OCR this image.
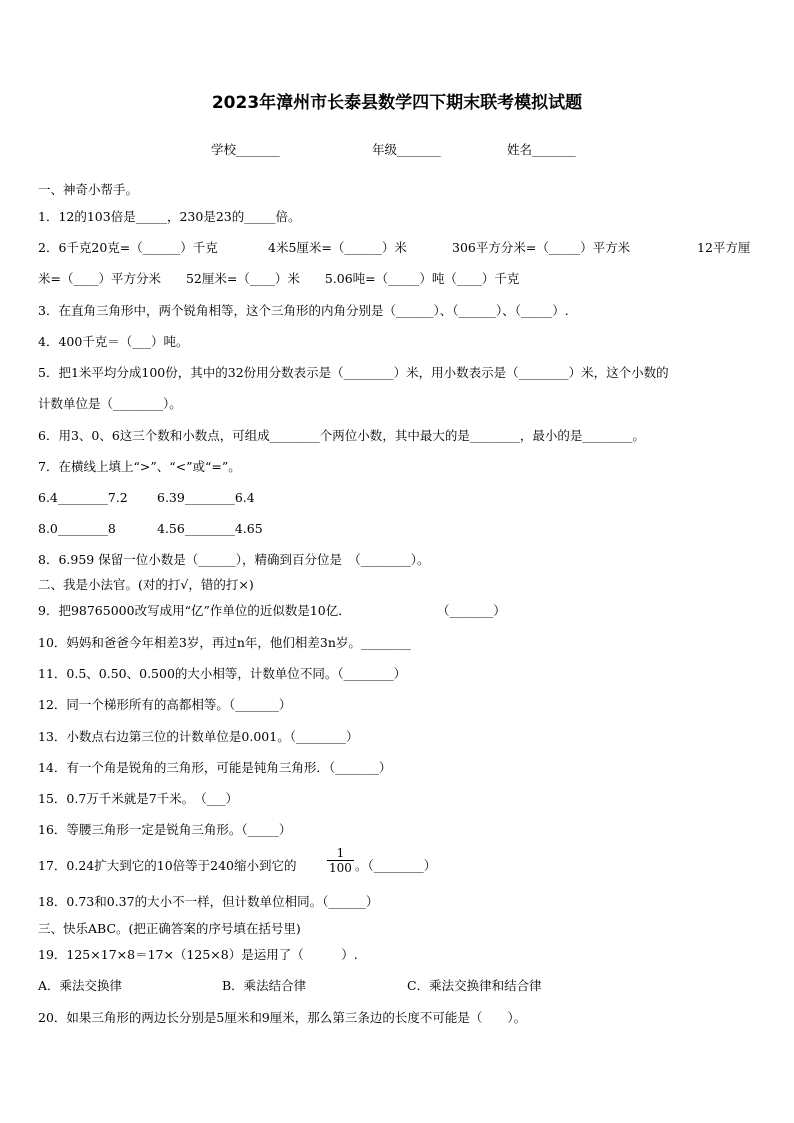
2023年漳州市长泰县数学四下期末联考模拟试题
学校_______	年级_______	姓名_______
一、神奇小帮手。
1．12的103倍是_____，230是23的_____倍。
2．6千克20克=（______）千克	4米5厘米=（______）米	306平方分米=（_____）平方米	12平方厘
米=（____）平方分米　　52厘米=（____）米　　5.06吨=（_____）吨（____）千克
3．在直角三角形中，两个锐角相等，这个三角形的内角分别是（______）、（______）、（_____）.
4．400千克＝（___）吨。
5．把1米平均分成100份，其中的32份用分数表示是（________）米，用小数表示是（________）米，这个小数的
计数单位是（________）。
6．用3、0、6这三个数和小数点，可组成________个两位小数，其中最大的是________，最小的是________。
7．在横线上填上“>”、“<”或“=”。
6.4________7.2 6.39________6.4
8.0________8	4.56________4.65
8．6.959 保留一位小数是（______），精确到百分位是　（________）。
二、我是小法官。(对的打√，错的打×)
9．把98765000改写成用“亿”作单位的近似数是10亿．	（_______）
10．妈妈和爸爸今年相差3岁，再过n年，他们相差3n岁。________
11．0.5、0.50、0.500的大小相等，计数单位不同。（________）
12．同一个梯形所有的高都相等。（_______）
13．小数点右边第三位的计数单位是0.001。（________）
14．有一个角是锐角的三角形，可能是钝角三角形．（_______）
15．0.7万千米就是7千米。　（___）
16．等腰三角形一定是锐角三角形。（_____）
17．0.24扩大到它的10倍等于240缩小到它的	$\frac{1}{100}$ 。（________）
18．0.73和0.37的大小不一样，但计数单位相同。（______）
三、快乐ABC。(把正确答案的序号填在括号里)
19．125×17×8＝17×（125×8）是运用了（　　　）.
A．乘法交换律	B．乘法结合律	C．乘法交换律和结合律
20．如果三角形的两边长分别是5厘米和9厘米，那么第三条边的长度不可能是（　　）。
